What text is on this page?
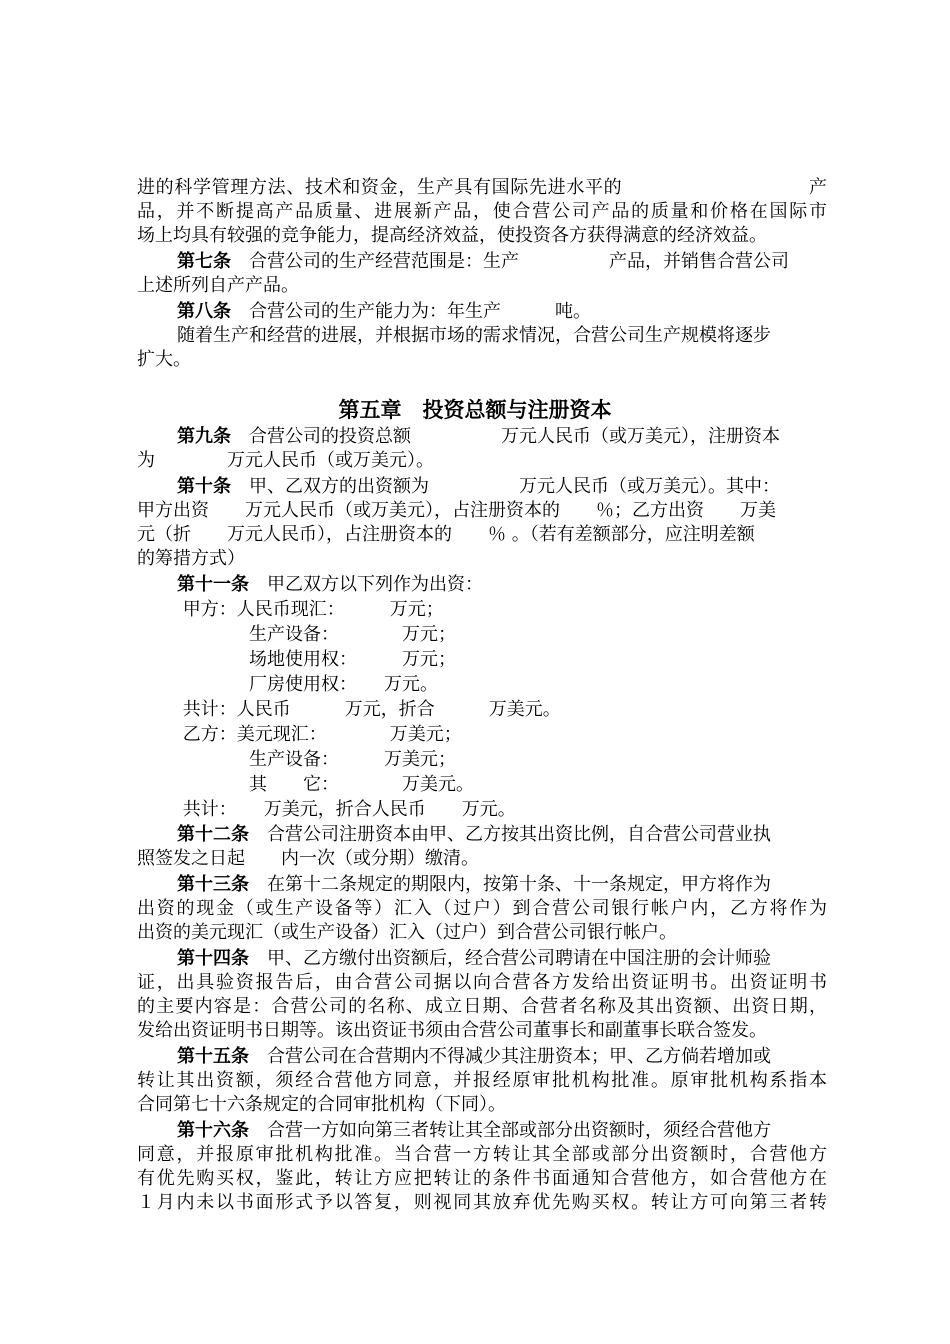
第五章　投资总额与注册资本
进的科学管理方法、技术和资金，生产具有国际先进水平的　　　　　　　　　　产
品，并不断提高产品质量、进展新产品，使合营公司产品的质量和价格在国际市
场上均具有较强的竞争能力，提高经济效益，使投资各方获得满意的经济效益。
第七条　合营公司的生产经营范围是：生产　　　　　产品，并销售合营公司
上述所列自产产品。
第八条　合营公司的生产能力为：年生产　　　吨。
随着生产和经营的进展，并根据市场的需求情况，合营公司生产规模将逐步
扩大。
第九条　合营公司的投资总额　　　　　万元人民币（或万美元），注册资本
为　　　　万元人民币（或万美元）。
第十条　甲、乙双方的出资额为　　　　　万元人民币（或万美元）。其中：
甲方出资　　万元人民币（或万美元），占注册资本的　　％；乙方出资　　万美
元（折　　万元人民币），占注册资本的　　％ 。（若有差额部分，应注明差额
的筹措方式）
第十一条　甲乙双方以下列作为出资：
甲方：人民币现汇：　　　万元；
　　　　生产设备：　　　　万元；
　　　　场地使用权：　　　万元；
　　　　厂房使用权：　　万元。
共计：人民币　　　万元，折合　　　万美元。
乙方：美元现汇：　　　　万美元；
　　　　生产设备：　　　万美元；
　　　　其　　它：　　　　万美元。
共计：　　万美元，折合人民币　　万元。
第十二条　合营公司注册资本由甲、乙方按其出资比例，自合营公司营业执
照签发之日起　　内一次（或分期）缴清。
第十三条　在第十二条规定的期限内，按第十条、十一条规定，甲方将作为
出资的现金（或生产设备等）汇入（过户）到合营公司银行帐户内，乙方将作为
出资的美元现汇（或生产设备）汇入（过户）到合营公司银行帐户。
第十四条　甲、乙方缴付出资额后，经合营公司聘请在中国注册的会计师验
证，出具验资报告后，由合营公司据以向合营各方发给出资证明书。出资证明书
的主要内容是：合营公司的名称、成立日期、合营者名称及其出资额、出资日期，
发给出资证明书日期等。该出资证书须由合营公司董事长和副董事长联合签发。
第十五条　合营公司在合营期内不得减少其注册资本；甲、乙方倘若增加或
转让其出资额，须经合营他方同意，并报经原审批机构批准。原审批机构系指本
合同第七十六条规定的合同审批机构（下同）。
第十六条　合营一方如向第三者转让其全部或部分出资额时，须经合营他方
同意，并报原审批机构批准。当合营一方转让其全部或部分出资额时，合营他方
有优先购买权，鉴此，转让方应把转让的条件书面通知合营他方，如合营他方在
１月内未以书面形式予以答复，则视同其放弃优先购买权。转让方可向第三者转
